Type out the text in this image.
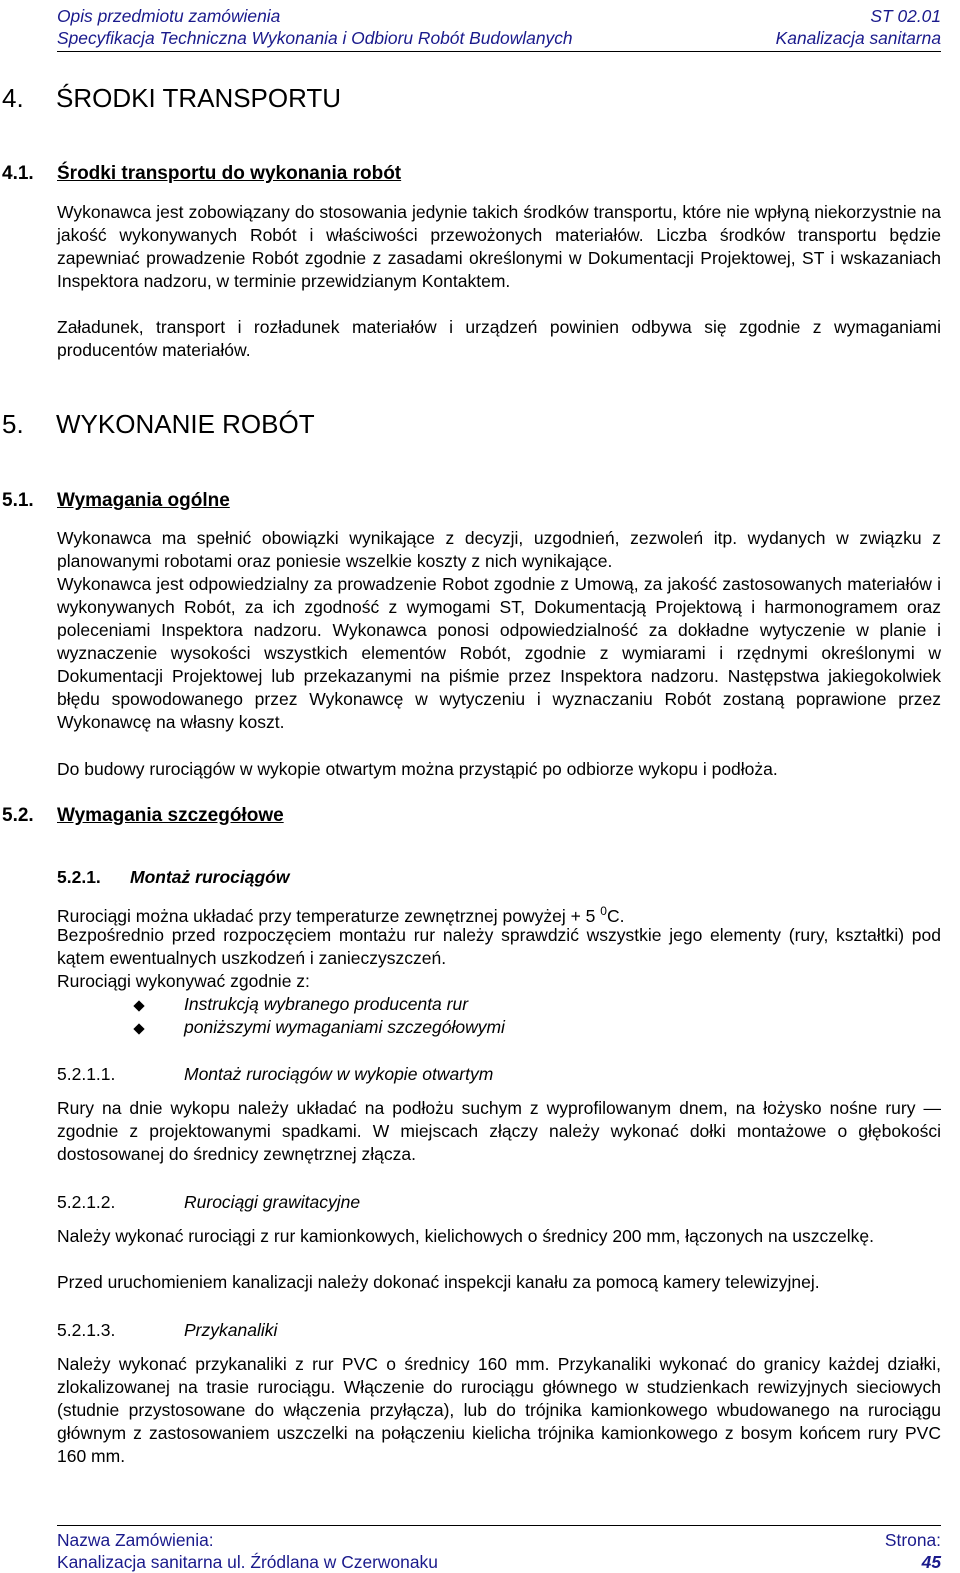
Opis przedmiotu zamówienia	ST 02.01
Specyfikacja Techniczna Wykonania i Odbioru Robót Budowlanych	Kanalizacja sanitarna
4. ŚRODKI TRANSPORTU
4.1. Środki transportu do wykonania robót

Wykonawca jest zobowiązany do stosowania jedynie takich środków transportu, które nie wpłyną niekorzystnie na jakość wykonywanych Robót i właściwości przewożonych materiałów. Liczba środków transportu będzie zapewniać prowadzenie Robót zgodnie z zasadami określonymi w Dokumentacji Projektowej, ST i wskazaniach Inspektora nadzoru, w terminie przewidzianym Kontaktem.

Załadunek, transport i rozładunek materiałów i urządzeń powinien odbywa się zgodnie z wymaganiami producentów materiałów.

5. WYKONANIE ROBÓT
5.1. Wymagania ogólne

Wykonawca ma spełnić obowiązki wynikające z decyzji, uzgodnień, zezwoleń itp. wydanych w związku z planowanymi robotami oraz poniesie wszelkie koszty z nich wynikające.

Wykonawca jest odpowiedzialny za prowadzenie Robot zgodnie z Umową, za jakość zastosowanych materiałów i wykonywanych Robót, za ich zgodność z wymogami ST, Dokumentacją Projektową i harmonogramem oraz poleceniami Inspektora nadzoru. Wykonawca ponosi odpowiedzialność za dokładne wytyczenie w planie i wyznaczenie wysokości wszystkich elementów Robót, zgodnie z wymiarami i rzędnymi określonymi w Dokumentacji Projektowej lub przekazanymi na piśmie przez Inspektora nadzoru. Następstwa jakiegokolwiek błędu spowodowanego przez Wykonawcę w wytyczeniu i wyznaczaniu Robót zostaną poprawione przez Wykonawcę na własny koszt.

Do budowy rurociągów w wykopie otwartym można przystąpić po odbiorze wykopu i podłoża.

5.2. Wymagania szczegółowe
5.2.1. Montaż rurociągów

Rurociągi można układać przy temperaturze zewnętrznej powyżej + 5 $^0$C.

Bezpośrednio przed rozpoczęciem montażu rur należy sprawdzić wszystkie jego elementy (rury, kształtki) pod kątem ewentualnych uszkodzeń i zanieczyszczeń.

Rurociągi wykonywać zgodnie z:

Instrukcją wybranego producenta rur
poniższymi wymaganiami szczegółowymi
5.2.1.1.	Montaż rurociągów w wykopie otwartym

Rury na dnie wykopu należy układać na podłożu suchym z wyprofilowanym dnem, na łożysko nośne rury — zgodnie z projektowanymi spadkami. W miejscach złączy należy wykonać dołki montażowe o głębokości dostosowanej do średnicy zewnętrznej złącza.

5.2.1.2.	Rurociągi grawitacyjne

Należy wykonać rurociągi z rur kamionkowych, kielichowych o średnicy 200 mm, łączonych na uszczelkę.

Przed uruchomieniem kanalizacji należy dokonać inspekcji kanału za pomocą kamery telewizyjnej.

5.2.1.3.	Przykanaliki

Należy wykonać przykanaliki z rur PVC o średnicy 160 mm. Przykanaliki wykonać do granicy każdej działki, zlokalizowanej na trasie rurociągu. Włączenie do rurociągu głównego w studzienkach rewizyjnych sieciowych (studnie przystosowane do włączenia przyłącza), lub do trójnika kamionkowego wbudowanego na rurociągu głównym z zastosowaniem uszczelki na połączeniu kielicha trójnika kamionkowego z bosym końcem rury PVC 160 mm.

Nazwa Zamówienia:	Strona:
Kanalizacja sanitarna ul. Źródlana w Czerwonaku	45
